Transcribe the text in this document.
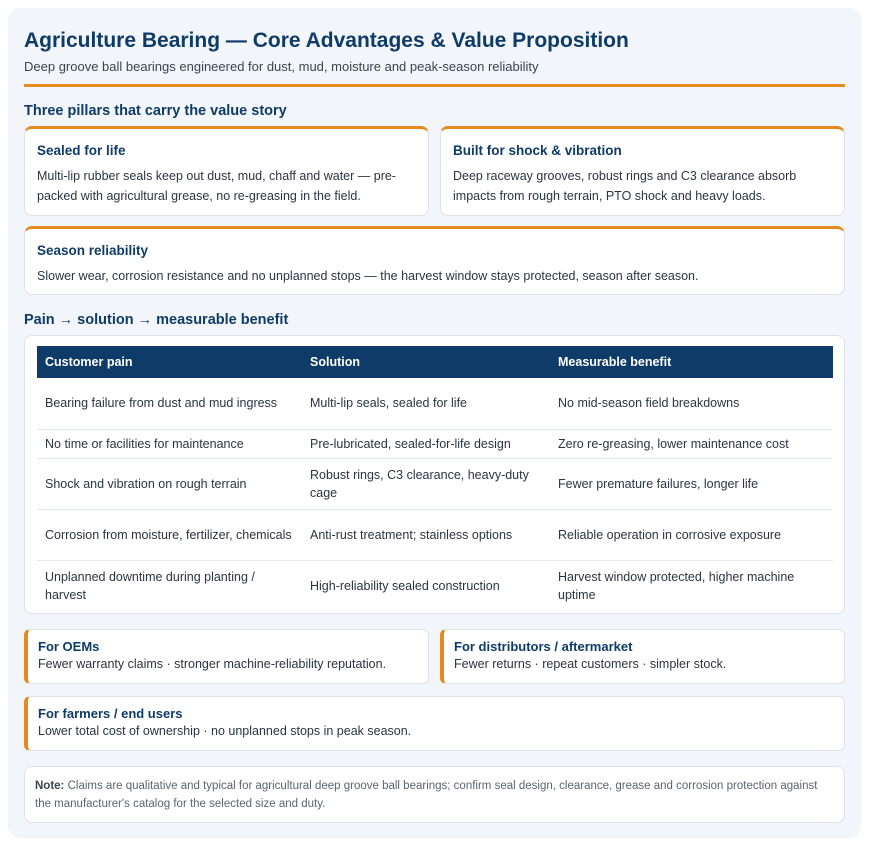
Agriculture Bearing — Core Advantages & Value Proposition
Deep groove ball bearings engineered for dust, mud, moisture and peak-season reliability
Three pillars that carry the value story
Sealed for life

Multi-lip rubber seals keep out dust, mud, chaff and water — pre-packed with agricultural grease, no re-greasing in the field.

Built for shock & vibration

Deep raceway grooves, robust rings and C3 clearance absorb impacts from rough terrain, PTO shock and heavy loads.

Season reliability

Slower wear, corrosion resistance and no unplanned stops — the harvest window stays protected, season after season.

Pain → solution → measurable benefit
Customer pain	Solution	Measurable benefit
Bearing failure from dust and mud ingress	Multi-lip seals, sealed for life	No mid-season field breakdowns
No time or facilities for maintenance	Pre-lubricated, sealed-for-life design	Zero re-greasing, lower maintenance cost
Shock and vibration on rough terrain	Robust rings, C3 clearance, heavy-duty cage	Fewer premature failures, longer life
Corrosion from moisture, fertilizer, chemicals	Anti-rust treatment; stainless options	Reliable operation in corrosive exposure
Unplanned downtime during planting / harvest	High-reliability sealed construction	Harvest window protected, higher machine uptime
For OEMs

Fewer warranty claims · stronger machine-reliability reputation.

For distributors / aftermarket

Fewer returns · repeat customers · simpler stock.

For farmers / end users

Lower total cost of ownership · no unplanned stops in peak season.

Note: Claims are qualitative and typical for agricultural deep groove ball bearings; confirm seal design, clearance, grease and corrosion protection against the manufacturer's catalog for the selected size and duty.
